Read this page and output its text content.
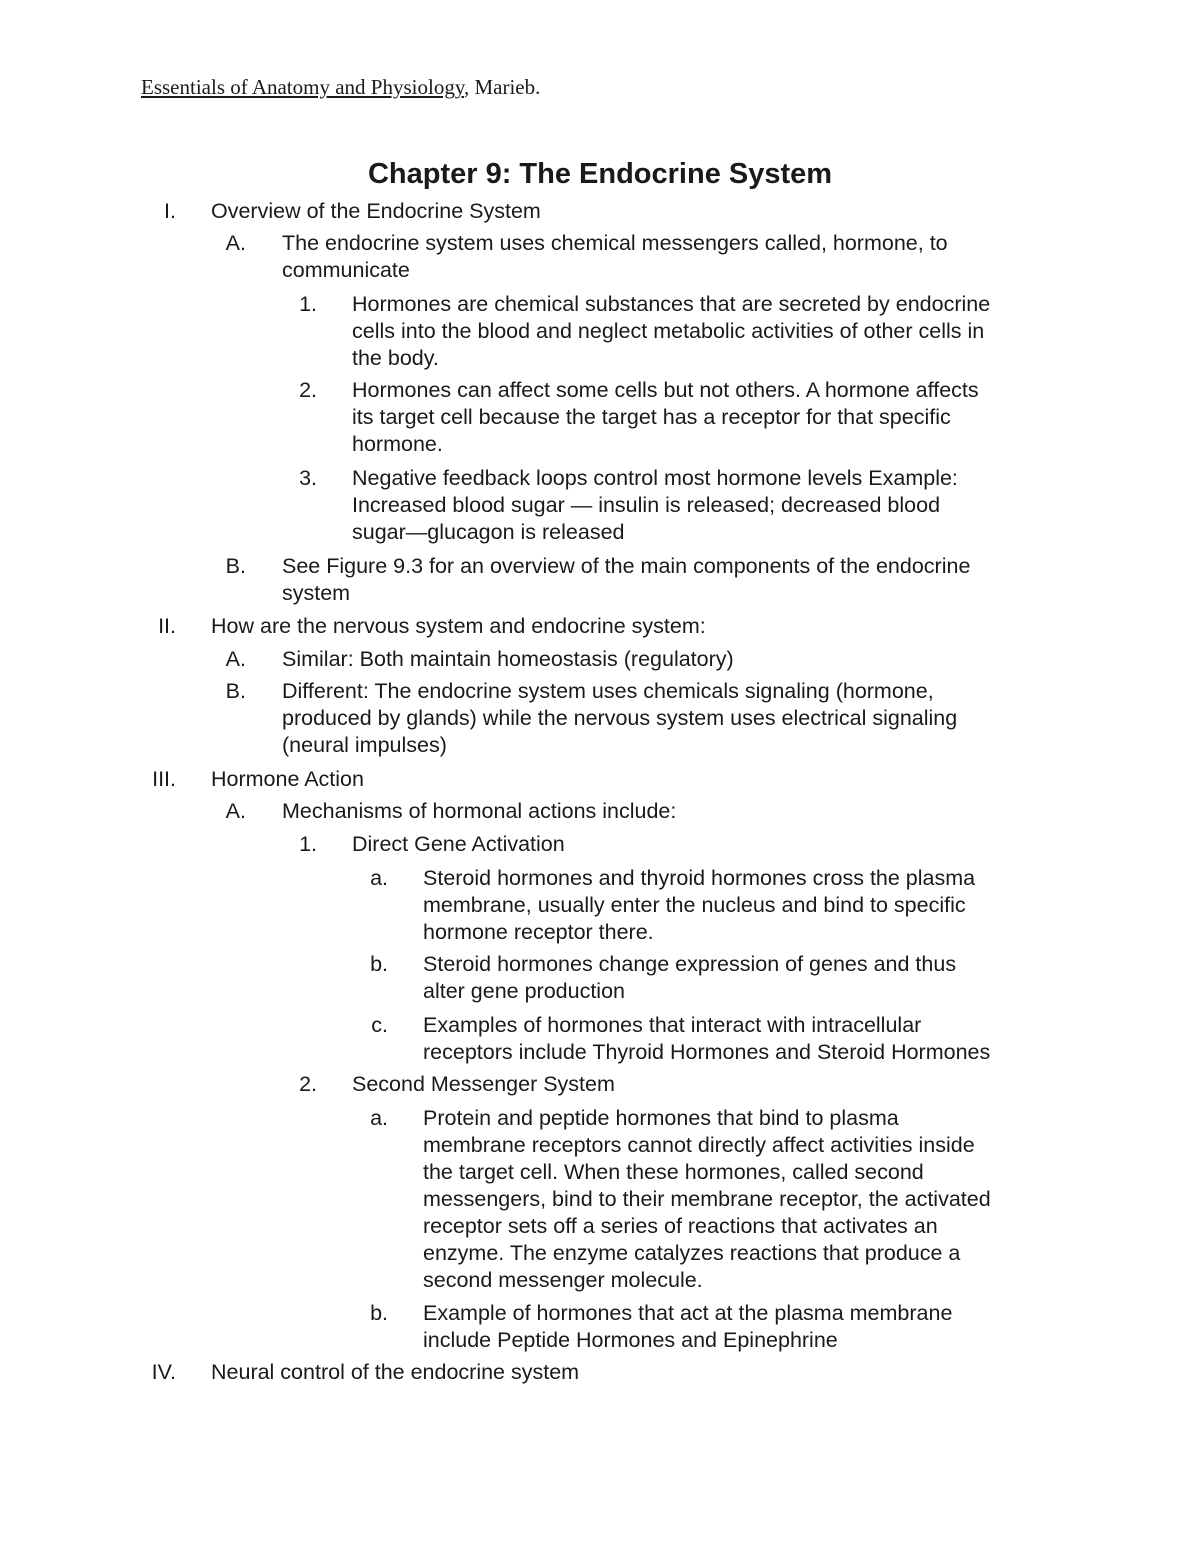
Essentials of Anatomy and Physiology, Marieb.
Chapter 9: The Endocrine System
I. Overview of the Endocrine System
A. The endocrine system uses chemical messengers called, hormone, to
communicate
1. Hormones are chemical substances that are secreted by endocrine
cells into the blood and neglect metabolic activities of other cells in
the body.
2. Hormones can affect some cells but not others. A hormone affects
its target cell because the target has a receptor for that specific
hormone.
3. Negative feedback loops control most hormone levels Example:
Increased blood sugar — insulin is released; decreased blood
sugar—glucagon is released
B. See Figure 9.3 for an overview of the main components of the endocrine
system
II. How are the nervous system and endocrine system:
A. Similar: Both maintain homeostasis (regulatory)
B. Different: The endocrine system uses chemicals signaling (hormone,
produced by glands) while the nervous system uses electrical signaling
(neural impulses)
III. Hormone Action
A. Mechanisms of hormonal actions include:
1. Direct Gene Activation
a. Steroid hormones and thyroid hormones cross the plasma
membrane, usually enter the nucleus and bind to specific
hormone receptor there.
b. Steroid hormones change expression of genes and thus
alter gene production
c. Examples of hormones that interact with intracellular
receptors include Thyroid Hormones and Steroid Hormones
2. Second Messenger System
a. Protein and peptide hormones that bind to plasma
membrane receptors cannot directly affect activities inside
the target cell. When these hormones, called second
messengers, bind to their membrane receptor, the activated
receptor sets off a series of reactions that activates an
enzyme. The enzyme catalyzes reactions that produce a
second messenger molecule.
b. Example of hormones that act at the plasma membrane
include Peptide Hormones and Epinephrine
IV. Neural control of the endocrine system
